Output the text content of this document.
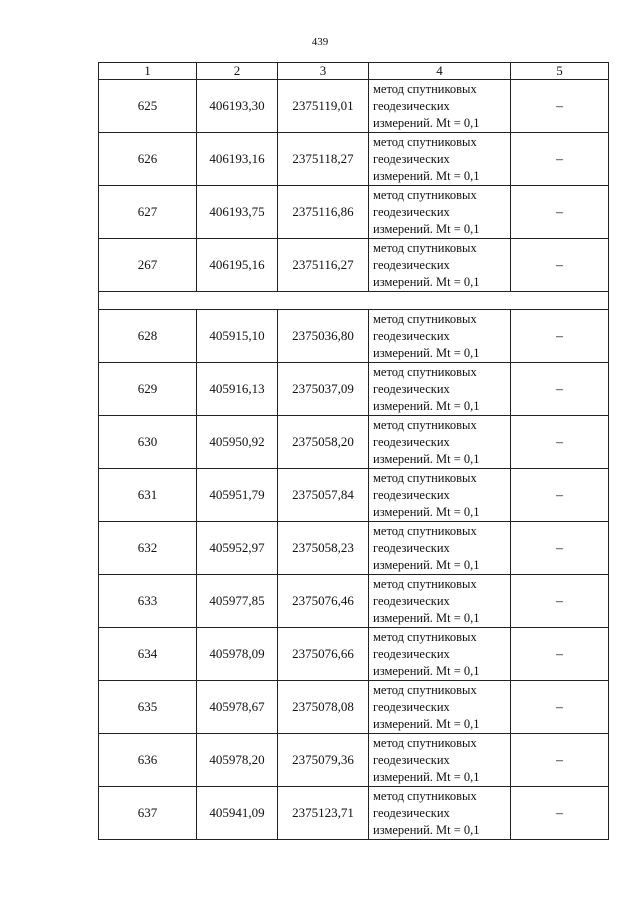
439
1	2	3	4	5
625	406193,30	2375119,01	метод спутниковых
геодезических
измерений. Mt = 0,1	–
626	406193,16	2375118,27	метод спутниковых
геодезических
измерений. Mt = 0,1	–
627	406193,75	2375116,86	метод спутниковых
геодезических
измерений. Mt = 0,1	–
267	406195,16	2375116,27	метод спутниковых
геодезических
измерений. Mt = 0,1	–

628	405915,10	2375036,80	метод спутниковых
геодезических
измерений. Mt = 0,1	–
629	405916,13	2375037,09	метод спутниковых
геодезических
измерений. Mt = 0,1	–
630	405950,92	2375058,20	метод спутниковых
геодезических
измерений. Mt = 0,1	–
631	405951,79	2375057,84	метод спутниковых
геодезических
измерений. Mt = 0,1	–
632	405952,97	2375058,23	метод спутниковых
геодезических
измерений. Mt = 0,1	–
633	405977,85	2375076,46	метод спутниковых
геодезических
измерений. Mt = 0,1	–
634	405978,09	2375076,66	метод спутниковых
геодезических
измерений. Mt = 0,1	–
635	405978,67	2375078,08	метод спутниковых
геодезических
измерений. Mt = 0,1	–
636	405978,20	2375079,36	метод спутниковых
геодезических
измерений. Mt = 0,1	–
637	405941,09	2375123,71	метод спутниковых
геодезических
измерений. Mt = 0,1	–
